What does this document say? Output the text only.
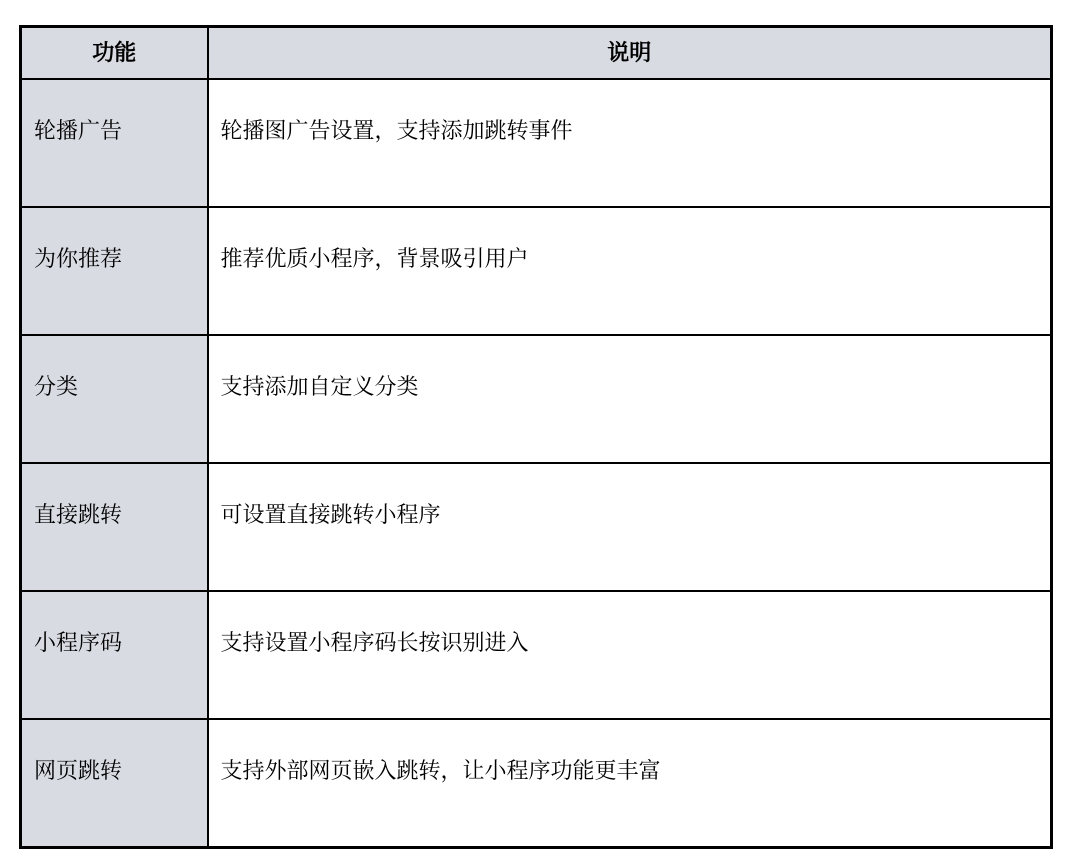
功能	说明
轮播广告	轮播图广告设置，支持添加跳转事件
为你推荐	推荐优质小程序，背景吸引用户
分类	支持添加自定义分类
直接跳转	可设置直接跳转小程序
小程序码	支持设置小程序码长按识别进入
网页跳转	支持外部网页嵌入跳转，让小程序功能更丰富
